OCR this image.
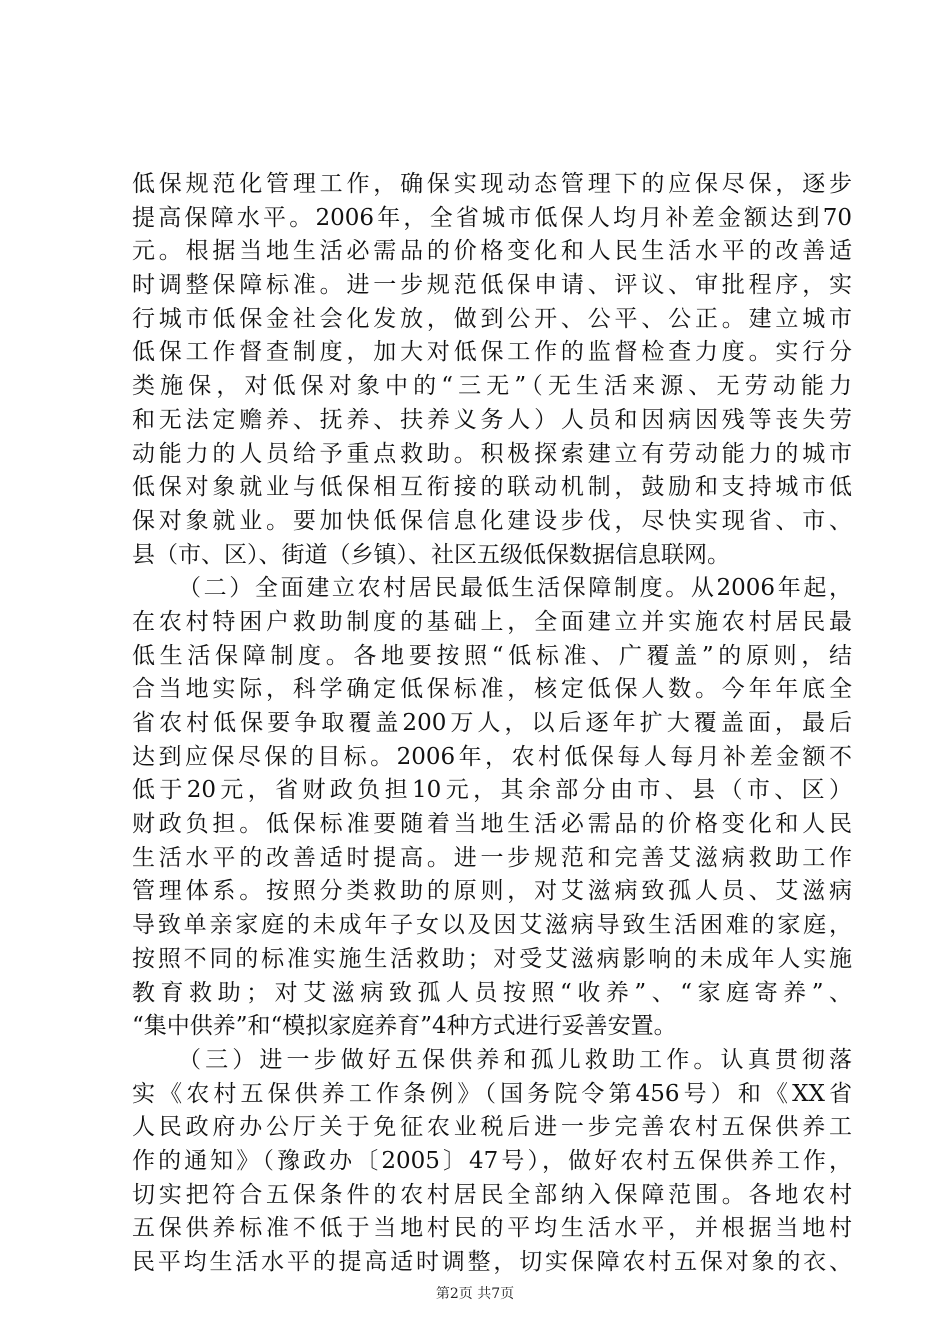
低保规范化管理工作，确保实现动态管理下的应保尽保，逐步
提高保障水平。2006年，全省城市低保人均月补差金额达到70
元。根据当地生活必需品的价格变化和人民生活水平的改善适
时调整保障标准。进一步规范低保申请、评议、审批程序，实
行城市低保金社会化发放，做到公开、公平、公正。建立城市
低保工作督查制度，加大对低保工作的监督检查力度。实行分
类施保，对低保对象中的“三无”（无生活来源、无劳动能力
和无法定赡养、抚养、扶养义务人）人员和因病因残等丧失劳
动能力的人员给予重点救助。积极探索建立有劳动能力的城市
低保对象就业与低保相互衔接的联动机制，鼓励和支持城市低
保对象就业。要加快低保信息化建设步伐，尽快实现省、市、
县（市、区）、街道（乡镇）、社区五级低保数据信息联网。
（二）全面建立农村居民最低生活保障制度。从2006年起，
在农村特困户救助制度的基础上，全面建立并实施农村居民最
低生活保障制度。各地要按照“低标准、广覆盖”的原则，结
合当地实际，科学确定低保标准，核定低保人数。今年年底全
省农村低保要争取覆盖200万人，以后逐年扩大覆盖面，最后
达到应保尽保的目标。2006年，农村低保每人每月补差金额不
低于20元，省财政负担10元，其余部分由市、县（市、区）
财政负担。低保标准要随着当地生活必需品的价格变化和人民
生活水平的改善适时提高。进一步规范和完善艾滋病救助工作
管理体系。按照分类救助的原则，对艾滋病致孤人员、艾滋病
导致单亲家庭的未成年子女以及因艾滋病导致生活困难的家庭，
按照不同的标准实施生活救助；对受艾滋病影响的未成年人实施
教育救助；对艾滋病致孤人员按照“收养”、“家庭寄养”、
“集中供养”和“模拟家庭养育”4种方式进行妥善安置。
（三）进一步做好五保供养和孤儿救助工作。认真贯彻落
实《农村五保供养工作条例》（国务院令第456号）和《XX省
人民政府办公厅关于免征农业税后进一步完善农村五保供养工
作的通知》（豫政办〔2005〕47号），做好农村五保供养工作，
切实把符合五保条件的农村居民全部纳入保障范围。各地农村
五保供养标准不低于当地村民的平均生活水平，并根据当地村
民平均生活水平的提高适时调整，切实保障农村五保对象的衣、
第2页 共7页
